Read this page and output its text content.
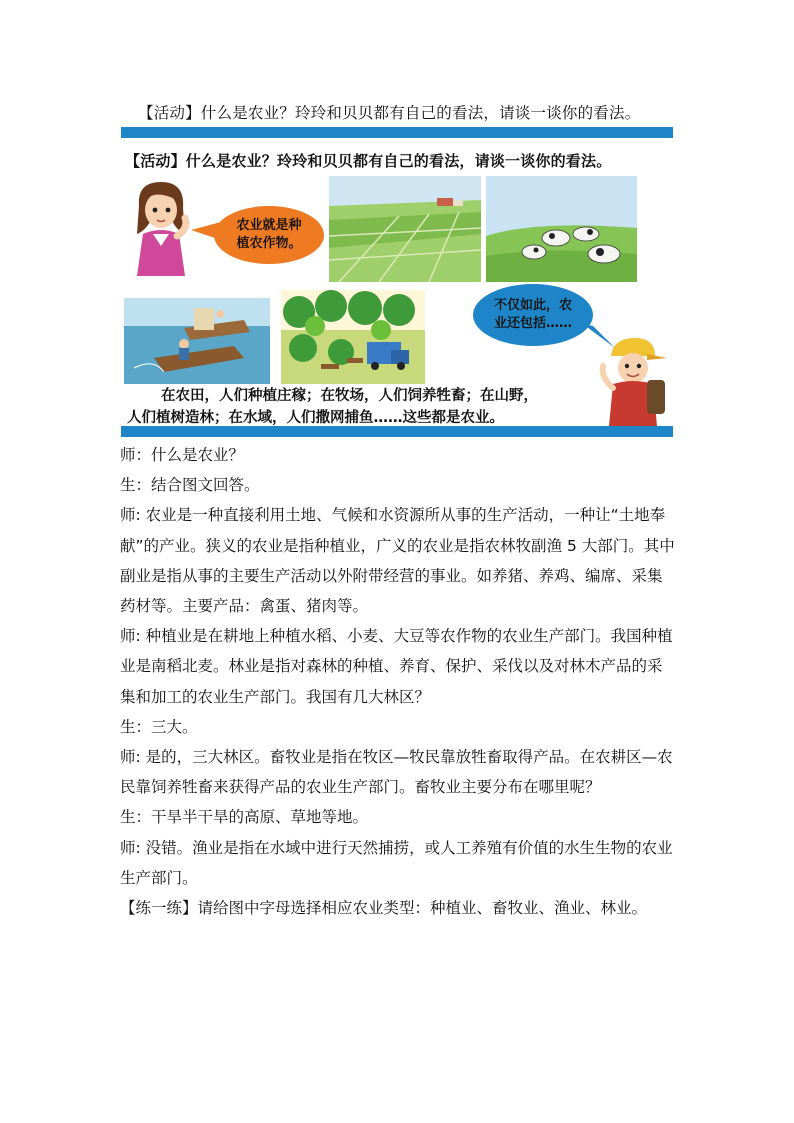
【活动】什么是农业？玲玲和贝贝都有自己的看法，请谈一谈你的看法。
【活动】什么是农业？玲玲和贝贝都有自己的看法，请谈一谈你的看法。
农业就是种
植农作物。
不仅如此，农
业还包括……
在农田，人们种植庄稼；在牧场，人们饲养牲畜；在山野，
人们植树造林；在水域，人们撒网捕鱼……这些都是农业。

师：什么是农业？

生：结合图文回答。

师: 农业是一种直接利用土地、气候和水资源所从事的生产活动，一种让“土地奉献”的产业。狭义的农业是指种植业，广义的农业是指农林牧副渔 5 大部门。其中副业是指从事的主要生产活动以外附带经营的事业。如养猪、养鸡、编席、采集药材等。主要产品：禽蛋、猪肉等。

师: 种植业是在耕地上种植水稻、小麦、大豆等农作物的农业生产部门。我国种植业是南稻北麦。林业是指对森林的种植、养育、保护、采伐以及对林木产品的采集和加工的农业生产部门。我国有几大林区？

生：三大。

师: 是的，三大林区。畜牧业是指在牧区—牧民靠放牲畜取得产品。在农耕区—农民靠饲养牲畜来获得产品的农业生产部门。畜牧业主要分布在哪里呢？

生：干旱半干旱的高原、草地等地。

师: 没错。渔业是指在水域中进行天然捕捞，或人工养殖有价值的水生生物的农业生产部门。

【练一练】请给图中字母选择相应农业类型：种植业、畜牧业、渔业、林业。
